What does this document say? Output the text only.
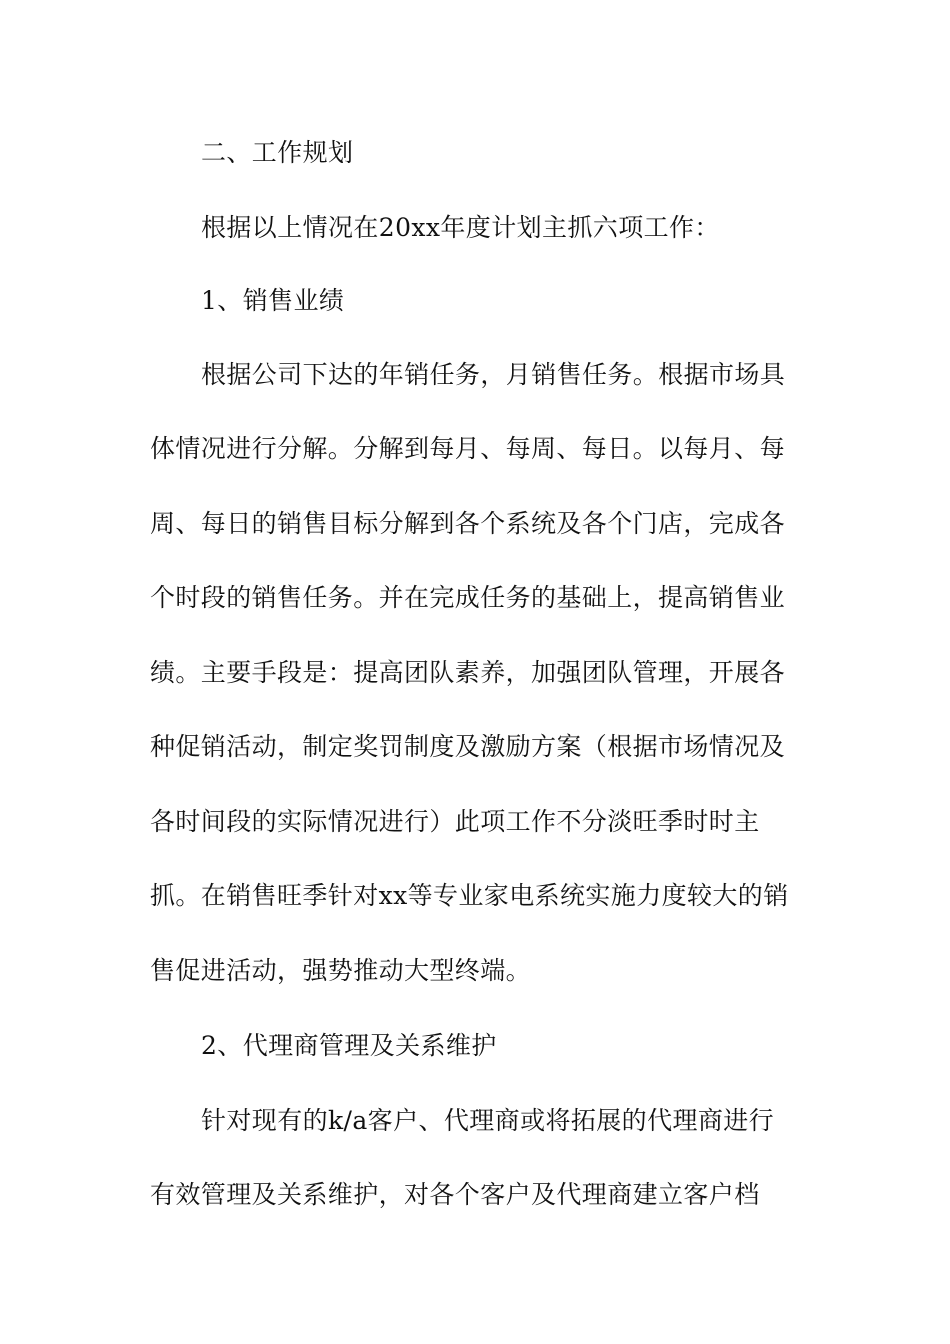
二、工作规划
根据以上情况在20xx年度计划主抓六项工作：
1、销售业绩
根据公司下达的年销任务，月销售任务。根据市场具
体情况进行分解。分解到每月、每周、每日。以每月、每
周、每日的销售目标分解到各个系统及各个门店，完成各
个时段的销售任务。并在完成任务的基础上，提高销售业
绩。主要手段是：提高团队素养，加强团队管理，开展各
种促销活动，制定奖罚制度及激励方案（根据市场情况及
各时间段的实际情况进行）此项工作不分淡旺季时时主
抓。在销售旺季针对xx等专业家电系统实施力度较大的销
售促进活动，强势推动大型终端。
2、代理商管理及关系维护
针对现有的k/a客户、代理商或将拓展的代理商进行
有效管理及关系维护，对各个客户及代理商建立客户档
